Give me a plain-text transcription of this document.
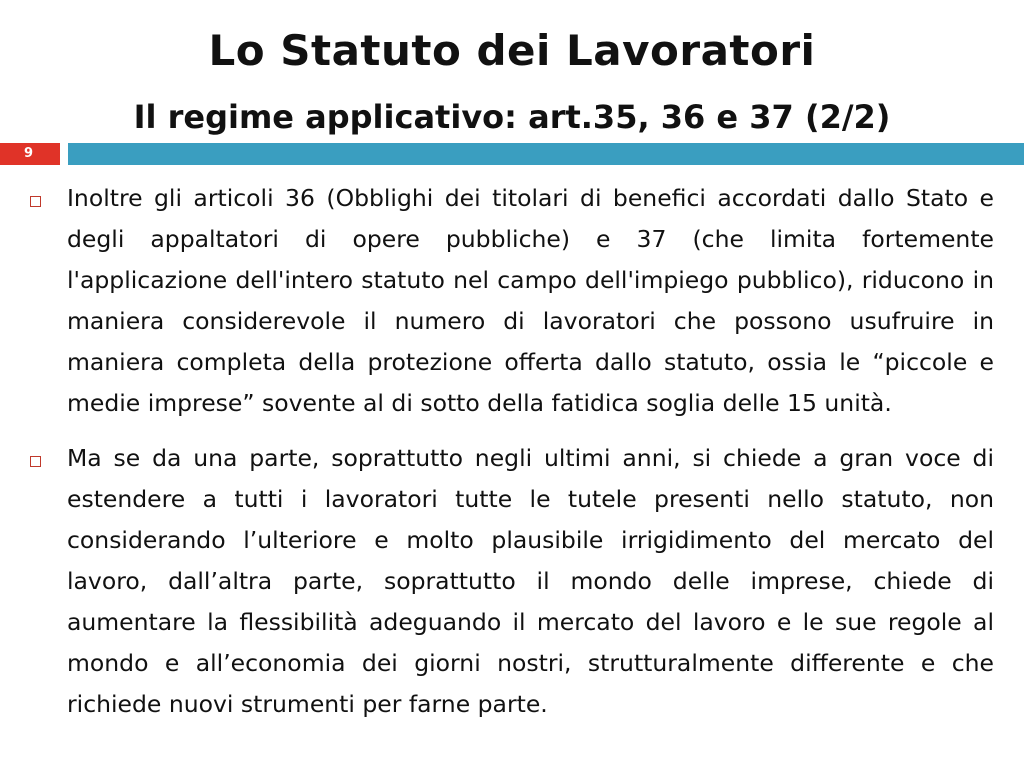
Lo Statuto dei Lavoratori
Il regime applicativo: art.35, 36 e 37 (2/2)
9
Inoltre gli articoli 36 (Obblighi dei titolari di benefici accordati dallo Stato e degli appaltatori di opere pubbliche) e 37 (che limita fortemente l'applicazione dell'intero statuto nel campo dell'impiego pubblico), riducono in maniera considerevole il numero di lavoratori che possono usufruire in maniera completa della protezione offerta dallo statuto, ossia le “piccole e medie imprese” sovente al di sotto della fatidica soglia delle 15 unità.
Ma se da una parte, soprattutto negli ultimi anni, si chiede a gran voce di estendere a tutti i lavoratori tutte le tutele presenti nello statuto, non considerando l’ulteriore e molto plausibile irrigidimento del mercato del lavoro, dall’altra parte, soprattutto il mondo delle imprese, chiede di aumentare la flessibilità adeguando il mercato del lavoro e le sue regole al mondo e all’economia dei giorni nostri, strutturalmente differente e che richiede nuovi strumenti per farne parte.
